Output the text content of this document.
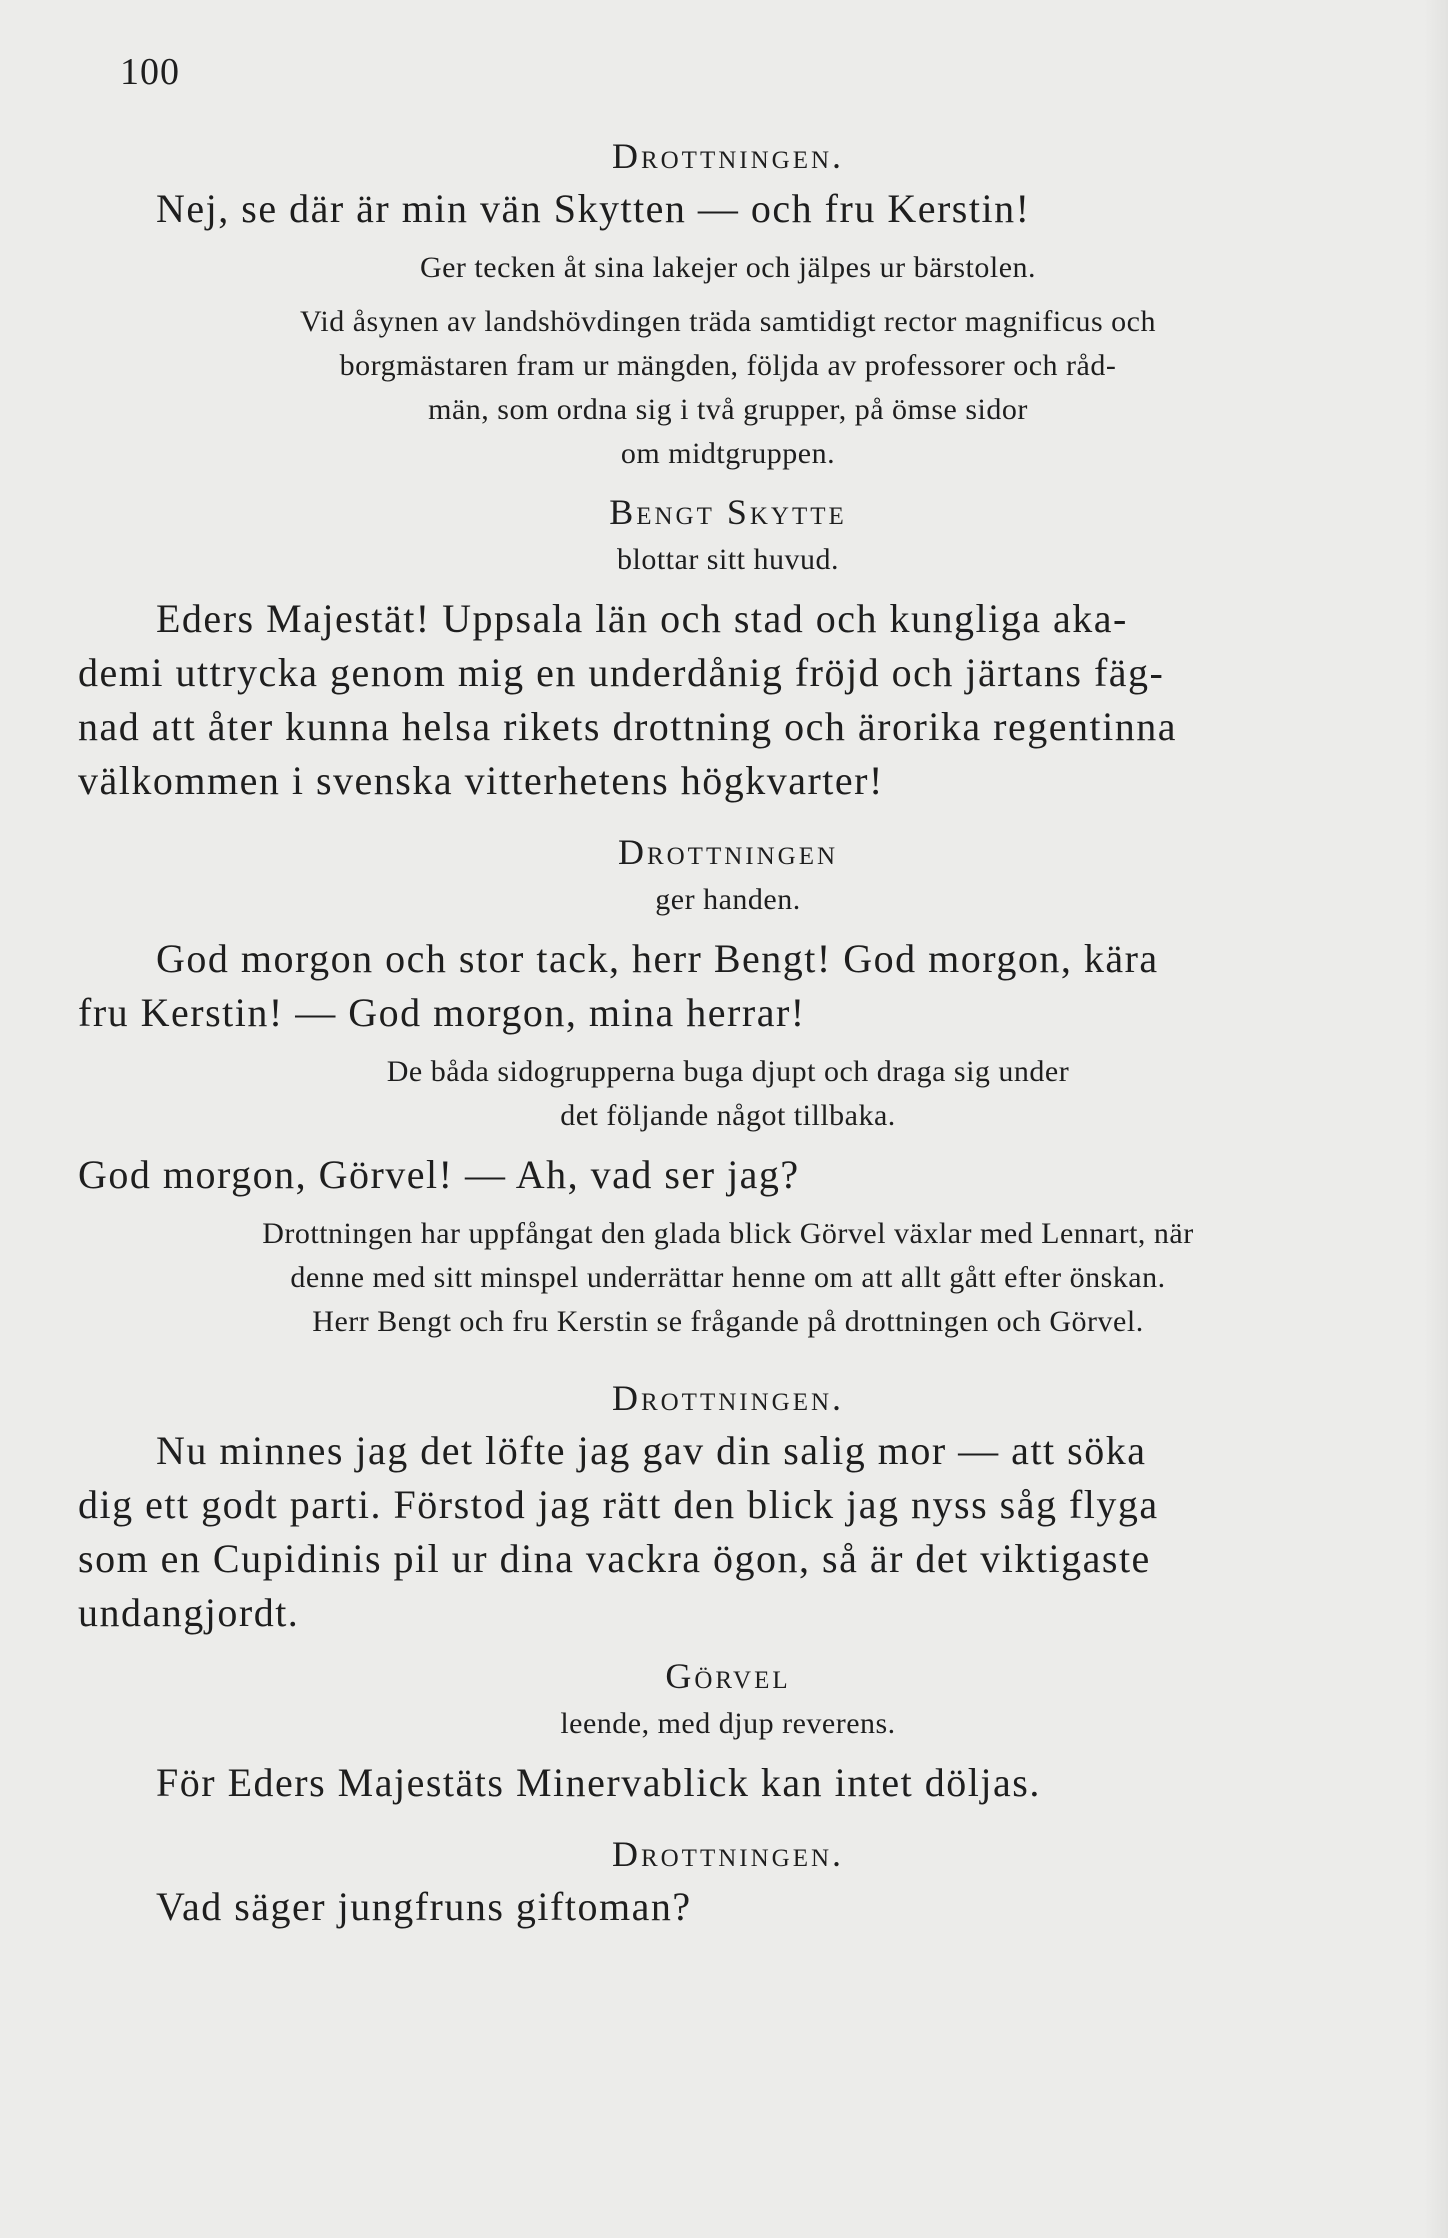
100

Drottningen.

Nej, se där är min vän Skytten — och fru Kerstin!

Ger tecken åt sina lakejer och jälpes ur bärstolen.

Vid åsynen av landshövdingen träda samtidigt rector magnificus och
borgmästaren fram ur mängden, följda av professorer och råd-
män, som ordna sig i två grupper, på ömse sidor
om midtgruppen.

Bengt Skytte

blottar sitt huvud.

Eders Majestät! Uppsala län och stad och kungliga aka-
demi uttrycka genom mig en underdånig fröjd och järtans fäg-
nad att åter kunna helsa rikets drottning och ärorika regentinna
välkommen i svenska vitterhetens högkvarter!

Drottningen

ger handen.

God morgon och stor tack, herr Bengt! God morgon, kära
fru Kerstin! — God morgon, mina herrar!

De båda sidogrupperna buga djupt och draga sig under
det följande något tillbaka.

God morgon, Görvel! — Ah, vad ser jag?

Drottningen har uppfångat den glada blick Görvel växlar med Lennart, när
denne med sitt minspel underrättar henne om att allt gått efter önskan.
Herr Bengt och fru Kerstin se frågande på drottningen och Görvel.

Drottningen.

Nu minnes jag det löfte jag gav din salig mor — att söka
dig ett godt parti. Förstod jag rätt den blick jag nyss såg flyga
som en Cupidinis pil ur dina vackra ögon, så är det viktigaste
undangjordt.

Görvel

leende, med djup reverens.

För Eders Majestäts Minervablick kan intet döljas.

Drottningen.

Vad säger jungfruns giftoman?
